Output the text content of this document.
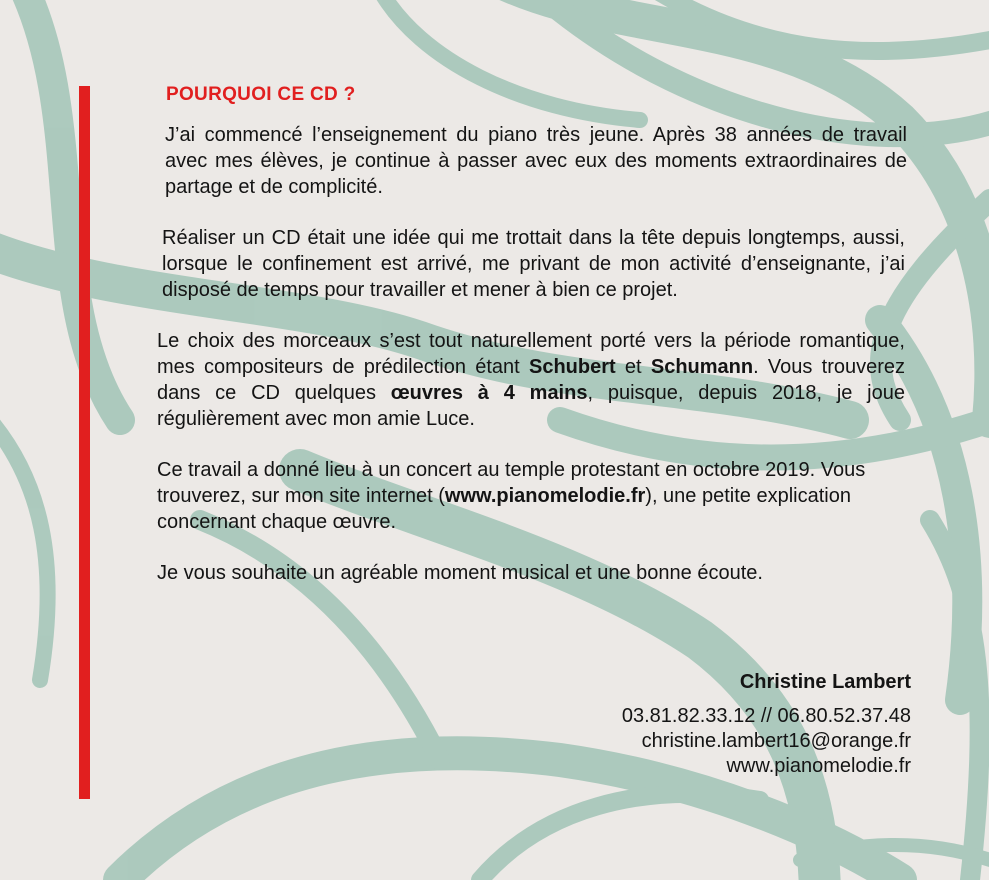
POURQUOI CE CD ?

J’ai commencé l’enseignement du piano très jeune. Après 38 années de travail avec mes élèves, je continue à passer avec eux des moments extraordinaires de partage et de complicité.

Réaliser un CD était une idée qui me trottait dans la tête depuis longtemps, aussi, lorsque le confinement est arrivé, me privant de mon activité d’enseignante, j’ai disposé de temps pour travailler et mener à bien ce projet.

Le choix des morceaux s’est tout naturellement porté vers la période romantique, mes compositeurs de prédilection étant Schubert et Schumann. Vous trouverez dans ce CD quelques œuvres à 4 mains, puisque, depuis 2018, je joue régulièrement avec mon amie Luce.

Ce travail a donné lieu à un concert au temple protestant en octobre 2019. Vous trouverez, sur mon site internet (www.pianomelodie.fr), une petite explication concernant chaque œuvre.

Je vous souhaite un agréable moment musical et une bonne écoute.

Christine Lambert
03.81.82.33.12 // 06.80.52.37.48
christine.lambert16@orange.fr
www.pianomelodie.fr
